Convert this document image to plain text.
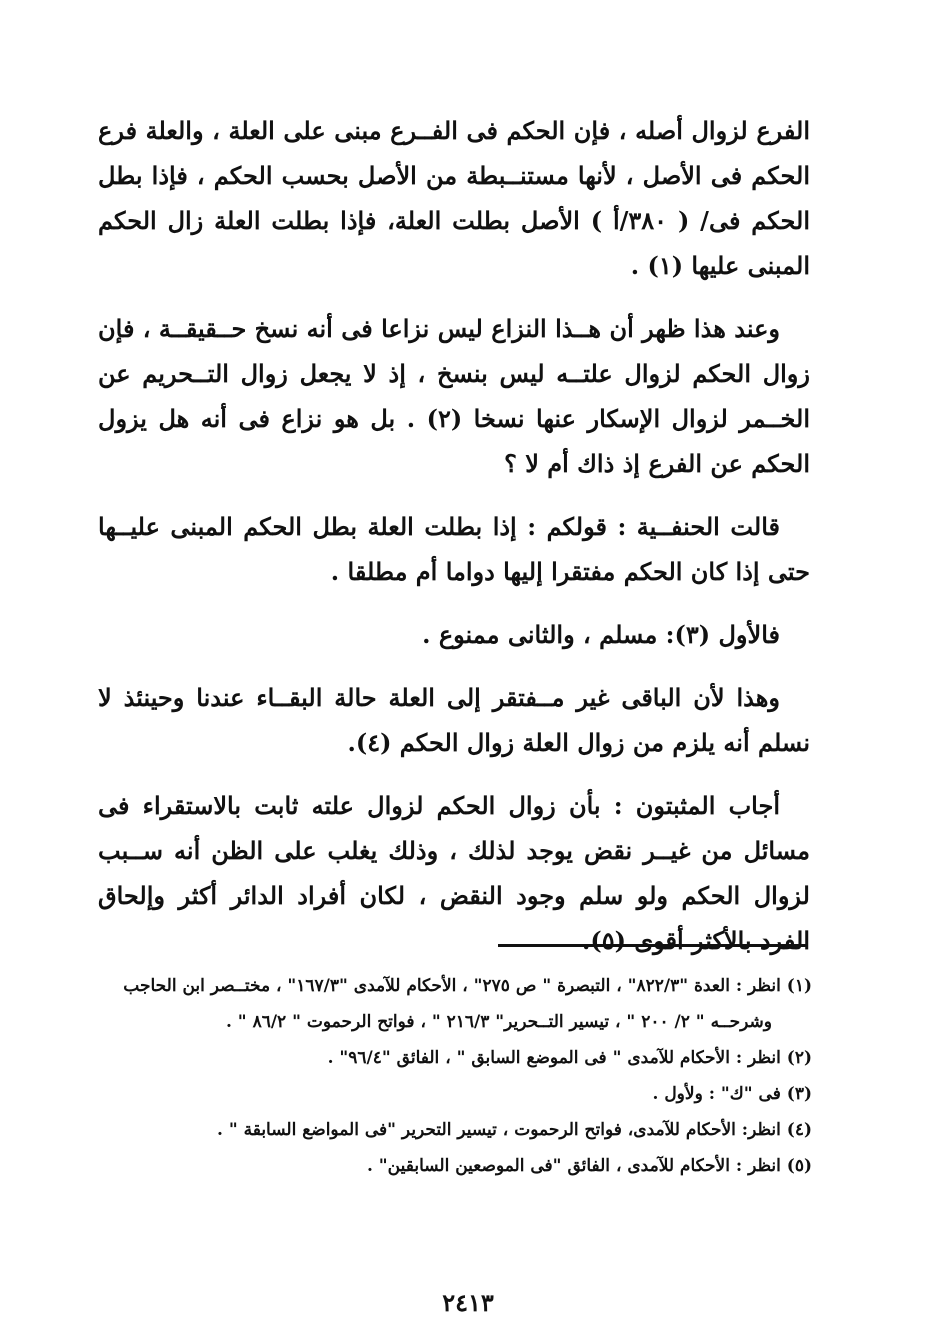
الفرع لزوال أصله ، فإن الحكم فى الفــرع مبنى على العلة ، والعلة فرع الحكم فى الأصل ، لأنها مستنــبطة من الأصل بحسب الحكم ، فإذا بطل الحكم فى/ ( ٣٨٠/أ ) الأصل بطلت العلة، فإذا بطلت العلة زال الحكم المبنى عليها (١) .

وعند هذا ظهر أن هــذا النزاع ليس نزاعا فى أنه نسخ حــقيقــة ، فإن زوال الحكم لزوال علتــه ليس بنسخ ، إذ لا يجعل زوال التــحريم عن الخــمر لزوال الإسكار عنها نسخا (٢) . بل هو نزاع فى أنه هل يزول الحكم عن الفرع إذ ذاك أم لا ؟

قالت الحنفــية : قولكم : إذا بطلت العلة بطل الحكم المبنى عليــها حتى إذا كان الحكم مفتقرا إليها دواما أم مطلقا .

فالأول (٣): مسلم ، والثانى ممنوع .

وهذا لأن الباقى غير مــفتقر إلى العلة حالة البقــاء عندنا وحينئذ لا نسلم أنه يلزم من زوال العلة زوال الحكم (٤).

أجاب المثبتون : بأن زوال الحكم لزوال علته ثابت بالاستقراء فى مسائل من غيــر نقض يوجد لذلك ، وذلك يغلب على الظن أنه ســبب لزوال الحكم ولو سلم وجود النقض ، لكان أفراد الدائر أكثر وإلحاق الفرد بالأكثر أقوى (٥).

(١) انظر : العدة "٨٢٢/٣" ، التبصرة " ص ٢٧٥" ، الأحكام للآمدى "١٦٧/٣" ، مختــصر ابن الحاجب وشرحــه " ٢/ ٢٠٠ " ، تيسير التــحرير" ٢١٦/٣ " ، فواتح الرحموت " ٨٦/٢ " .

(٢) انظر : الأحكام للآمدى " فى الموضع السابق " ، الفائق "٩٦/٤" .

(٣) فى "ك" : ولأول .

(٤) انظر: الأحكام للآمدى، فواتح الرحموت ، تيسير التحرير "فى المواضع السابقة " .

(٥) انظر : الأحكام للآمدى ، الفائق "فى الموصعين السابقين" .

٢٤١٣
